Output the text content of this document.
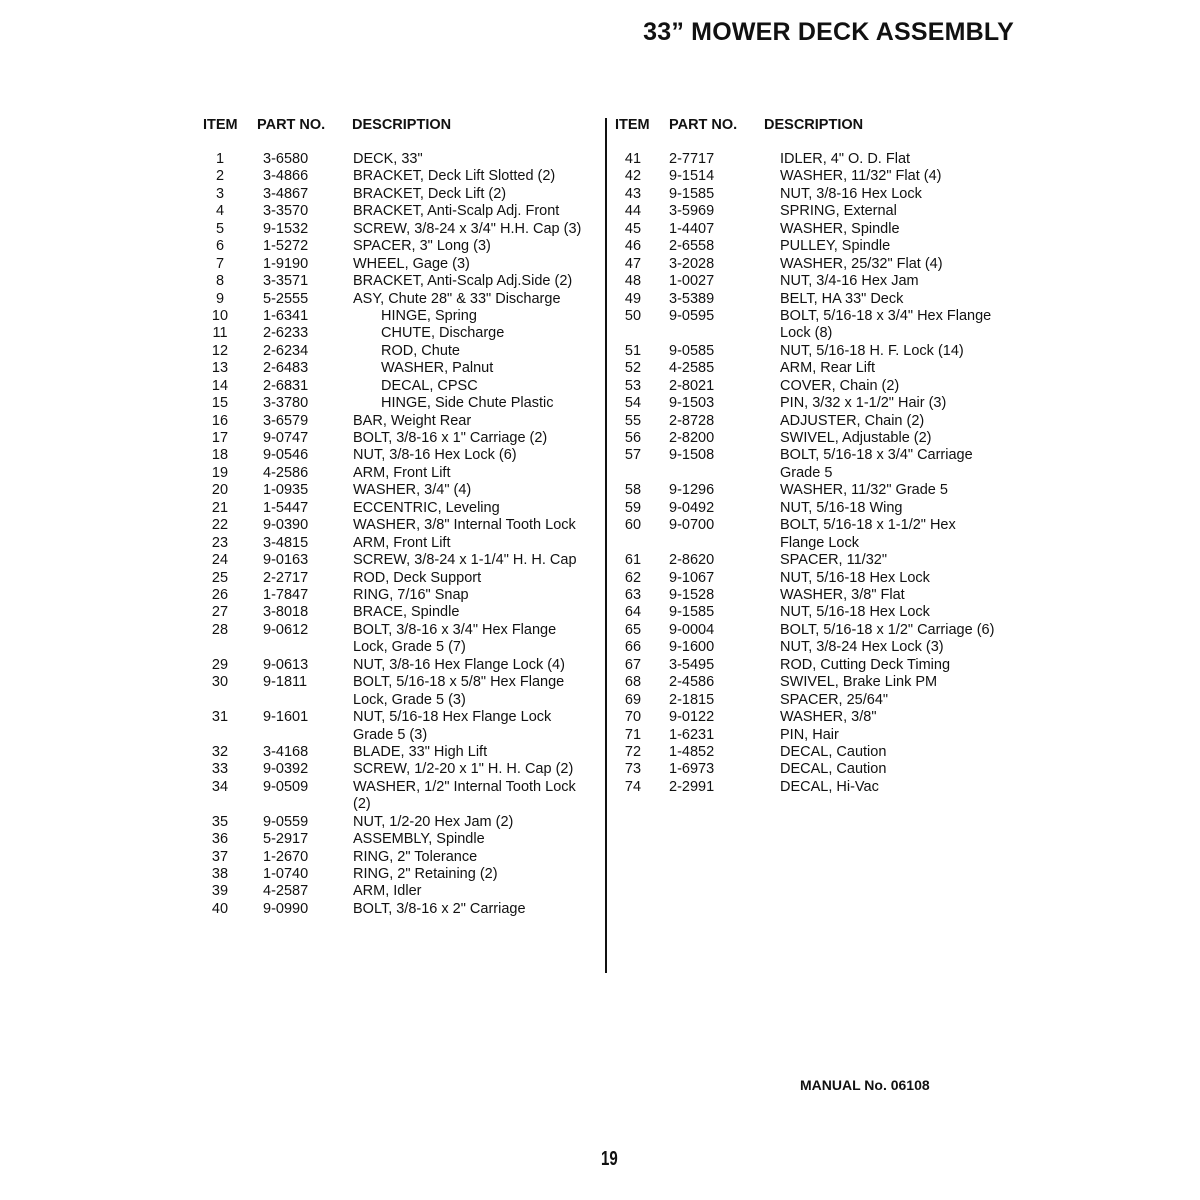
33” MOWER DECK ASSEMBLY
ITEM PART NO. DESCRIPTION	ITEM PART NO. DESCRIPTION
1	3-6580	DECK, 33"
2	3-4866	BRACKET, Deck Lift Slotted (2)
3	3-4867	BRACKET, Deck Lift (2)
4	3-3570	BRACKET, Anti-Scalp Adj. Front
5	9-1532	SCREW, 3/8-24 x 3/4" H.H. Cap (3)
6	1-5272	SPACER, 3" Long (3)
7	1-9190	WHEEL, Gage (3)
8	3-3571	BRACKET, Anti-Scalp Adj.Side (2)
9	5-2555	ASY, Chute 28" & 33" Discharge
10	1-6341	HINGE, Spring
11	2-6233	CHUTE, Discharge
12	2-6234	ROD, Chute
13	2-6483	WASHER, Palnut
14	2-6831	DECAL, CPSC
15	3-3780	HINGE, Side Chute Plastic
16	3-6579	BAR, Weight Rear
17	9-0747	BOLT, 3/8-16 x 1" Carriage (2)
18	9-0546	NUT, 3/8-16 Hex Lock (6)
19	4-2586	ARM, Front Lift
20	1-0935	WASHER, 3/4" (4)
21	1-5447	ECCENTRIC, Leveling
22	9-0390	WASHER, 3/8" Internal Tooth Lock
23	3-4815	ARM, Front Lift
24	9-0163	SCREW, 3/8-24 x 1-1/4" H. H. Cap
25	2-2717	ROD, Deck Support
26	1-7847	RING, 7/16" Snap
27	3-8018	BRACE, Spindle
28	9-0612	BOLT, 3/8-16 x 3/4" Hex Flange
Lock, Grade 5 (7)
29	9-0613	NUT, 3/8-16 Hex Flange Lock (4)
30	9-1811	BOLT, 5/16-18 x 5/8" Hex Flange
Lock, Grade 5 (3)
31	9-1601	NUT, 5/16-18 Hex Flange Lock
Grade 5 (3)
32	3-4168	BLADE, 33" High Lift
33	9-0392	SCREW, 1/2-20 x 1" H. H. Cap (2)
34	9-0509	WASHER, 1/2" Internal Tooth Lock
(2)
35	9-0559	NUT, 1/2-20 Hex Jam (2)
36	5-2917	ASSEMBLY, Spindle
37	1-2670	RING, 2" Tolerance
38	1-0740	RING, 2" Retaining (2)
39	4-2587	ARM, Idler
40	9-0990	BOLT, 3/8-16 x 2" Carriage
41	2-7717	IDLER, 4" O. D. Flat
42	9-1514	WASHER, 11/32" Flat (4)
43	9-1585	NUT, 3/8-16 Hex Lock
44	3-5969	SPRING, External
45	1-4407	WASHER, Spindle
46	2-6558	PULLEY, Spindle
47	3-2028	WASHER, 25/32" Flat (4)
48	1-0027	NUT, 3/4-16 Hex Jam
49	3-5389	BELT, HA 33" Deck
50	9-0595	BOLT, 5/16-18 x 3/4" Hex Flange
Lock (8)
51	9-0585	NUT, 5/16-18 H. F. Lock (14)
52	4-2585	ARM, Rear Lift
53	2-8021	COVER, Chain (2)
54	9-1503	PIN, 3/32 x 1-1/2" Hair (3)
55	2-8728	ADJUSTER, Chain (2)
56	2-8200	SWIVEL, Adjustable (2)
57	9-1508	BOLT, 5/16-18 x 3/4" Carriage
Grade 5
58	9-1296	WASHER, 11/32" Grade 5
59	9-0492	NUT, 5/16-18 Wing
60	9-0700	BOLT, 5/16-18 x 1-1/2" Hex
Flange Lock
61	2-8620	SPACER, 11/32"
62	9-1067	NUT, 5/16-18 Hex Lock
63	9-1528	WASHER, 3/8" Flat
64	9-1585	NUT, 5/16-18 Hex Lock
65	9-0004	BOLT, 5/16-18 x 1/2" Carriage (6)
66	9-1600	NUT, 3/8-24 Hex Lock (3)
67	3-5495	ROD, Cutting Deck Timing
68	2-4586	SWIVEL, Brake Link PM
69	2-1815	SPACER, 25/64"
70	9-0122	WASHER, 3/8"
71	1-6231	PIN, Hair
72	1-4852	DECAL, Caution
73	1-6973	DECAL, Caution
74	2-2991	DECAL, Hi-Vac
MANUAL No. 06108
19
